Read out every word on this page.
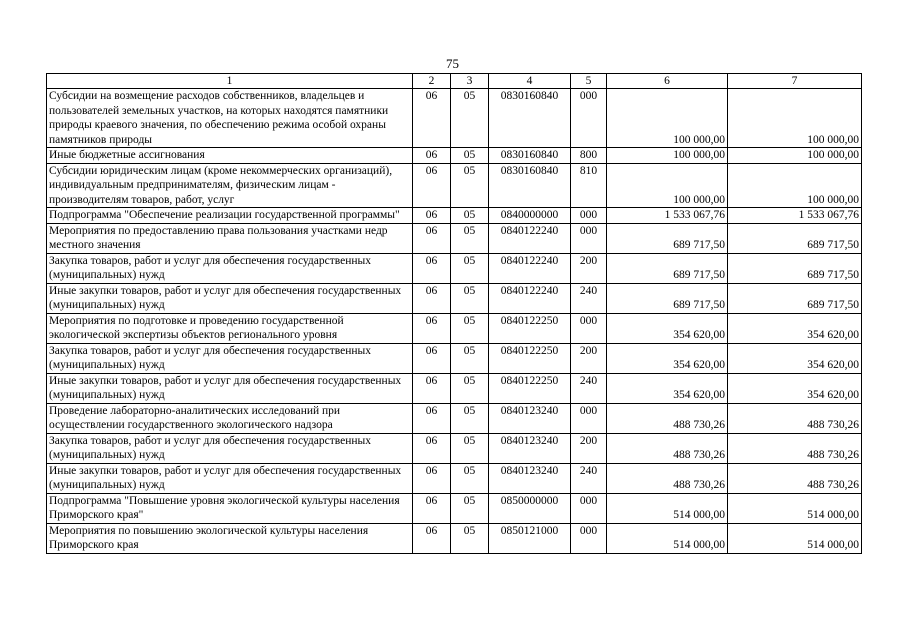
75
1	2	3	4	5	6	7
Субсидии на возмещение расходов собственников, владельцев и пользователей земельных участков, на которых находятся памятники природы краевого значения, по обеспечению режима особой охраны памятников природы	06	05	0830160840	000	100 000,00	100 000,00
Иные бюджетные ассигнования	06	05	0830160840	800	100 000,00	100 000,00
Субсидии юридическим лицам (кроме некоммерческих организаций), индивидуальным предпринимателям, физическим лицам - производителям товаров, работ, услуг	06	05	0830160840	810	100 000,00	100 000,00
Подпрограмма "Обеспечение реализации государственной программы"	06	05	0840000000	000	1 533 067,76	1 533 067,76
Мероприятия по предоставлению права пользования участками недр местного значения	06	05	0840122240	000	689 717,50	689 717,50
Закупка товаров, работ и услуг для обеспечения государственных (муниципальных) нужд	06	05	0840122240	200	689 717,50	689 717,50
Иные закупки товаров, работ и услуг для обеспечения государственных (муниципальных) нужд	06	05	0840122240	240	689 717,50	689 717,50
Мероприятия по подготовке и проведению государственной экологической экспертизы объектов регионального уровня	06	05	0840122250	000	354 620,00	354 620,00
Закупка товаров, работ и услуг для обеспечения государственных (муниципальных) нужд	06	05	0840122250	200	354 620,00	354 620,00
Иные закупки товаров, работ и услуг для обеспечения государственных (муниципальных) нужд	06	05	0840122250	240	354 620,00	354 620,00
Проведение лабораторно-аналитических исследований при осуществлении государственного экологического надзора	06	05	0840123240	000	488 730,26	488 730,26
Закупка товаров, работ и услуг для обеспечения государственных (муниципальных) нужд	06	05	0840123240	200	488 730,26	488 730,26
Иные закупки товаров, работ и услуг для обеспечения государственных (муниципальных) нужд	06	05	0840123240	240	488 730,26	488 730,26
Подпрограмма "Повышение уровня экологической культуры населения Приморского края"	06	05	0850000000	000	514 000,00	514 000,00
Мероприятия по повышению экологической культуры населения Приморского края	06	05	0850121000	000	514 000,00	514 000,00
